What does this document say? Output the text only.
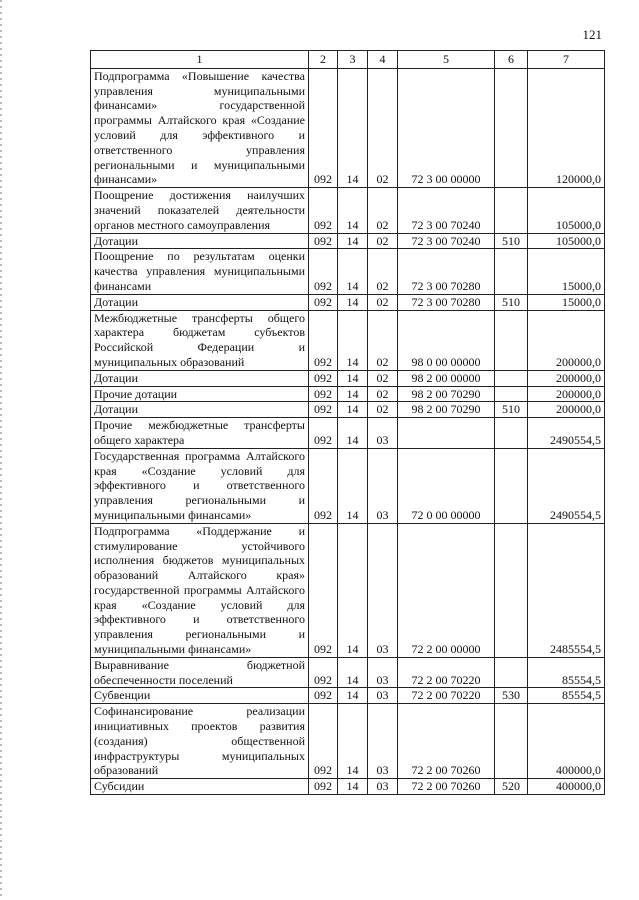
121
1	2	3	4	5	6	7
Подпрограмма «Повышение качества управления муниципальными финансами» государственной программы Алтайского края «Создание условий для эффективного и ответственного управления региональными и муниципальными финансами»	092	14	02	72 3 00 00000		120000,0
Поощрение достижения наилучших значений показателей деятельности органов местного самоуправления	092	14	02	72 3 00 70240		105000,0
Дотации	092	14	02	72 3 00 70240	510	105000,0
Поощрение по результатам оценки качества управления муниципальными финансами	092	14	02	72 3 00 70280		15000,0
Дотации	092	14	02	72 3 00 70280	510	15000,0
Межбюджетные трансферты общего характера бюджетам субъектов Российской Федерации и муниципальных образований	092	14	02	98 0 00 00000		200000,0
Дотации	092	14	02	98 2 00 00000		200000,0
Прочие дотации	092	14	02	98 2 00 70290		200000,0
Дотации	092	14	02	98 2 00 70290	510	200000,0
Прочие межбюджетные трансферты общего характера	092	14	03			2490554,5
Государственная программа Алтайского края «Создание условий для эффективного и ответственного управления региональными и муниципальными финансами»	092	14	03	72 0 00 00000		2490554,5
Подпрограмма «Поддержание и стимулирование устойчивого исполнения бюджетов муниципальных образований Алтайского края» государственной программы Алтайского края «Создание условий для эффективного и ответственного управления региональными и муниципальными финансами»	092	14	03	72 2 00 00000		2485554,5
Выравнивание бюджетной обеспеченности поселений	092	14	03	72 2 00 70220		85554,5
Субвенции	092	14	03	72 2 00 70220	530	85554,5
Софинансирование реализации инициативных проектов развития (создания) общественной инфраструктуры муниципальных образований	092	14	03	72 2 00 70260		400000,0
Субсидии	092	14	03	72 2 00 70260	520	400000,0
